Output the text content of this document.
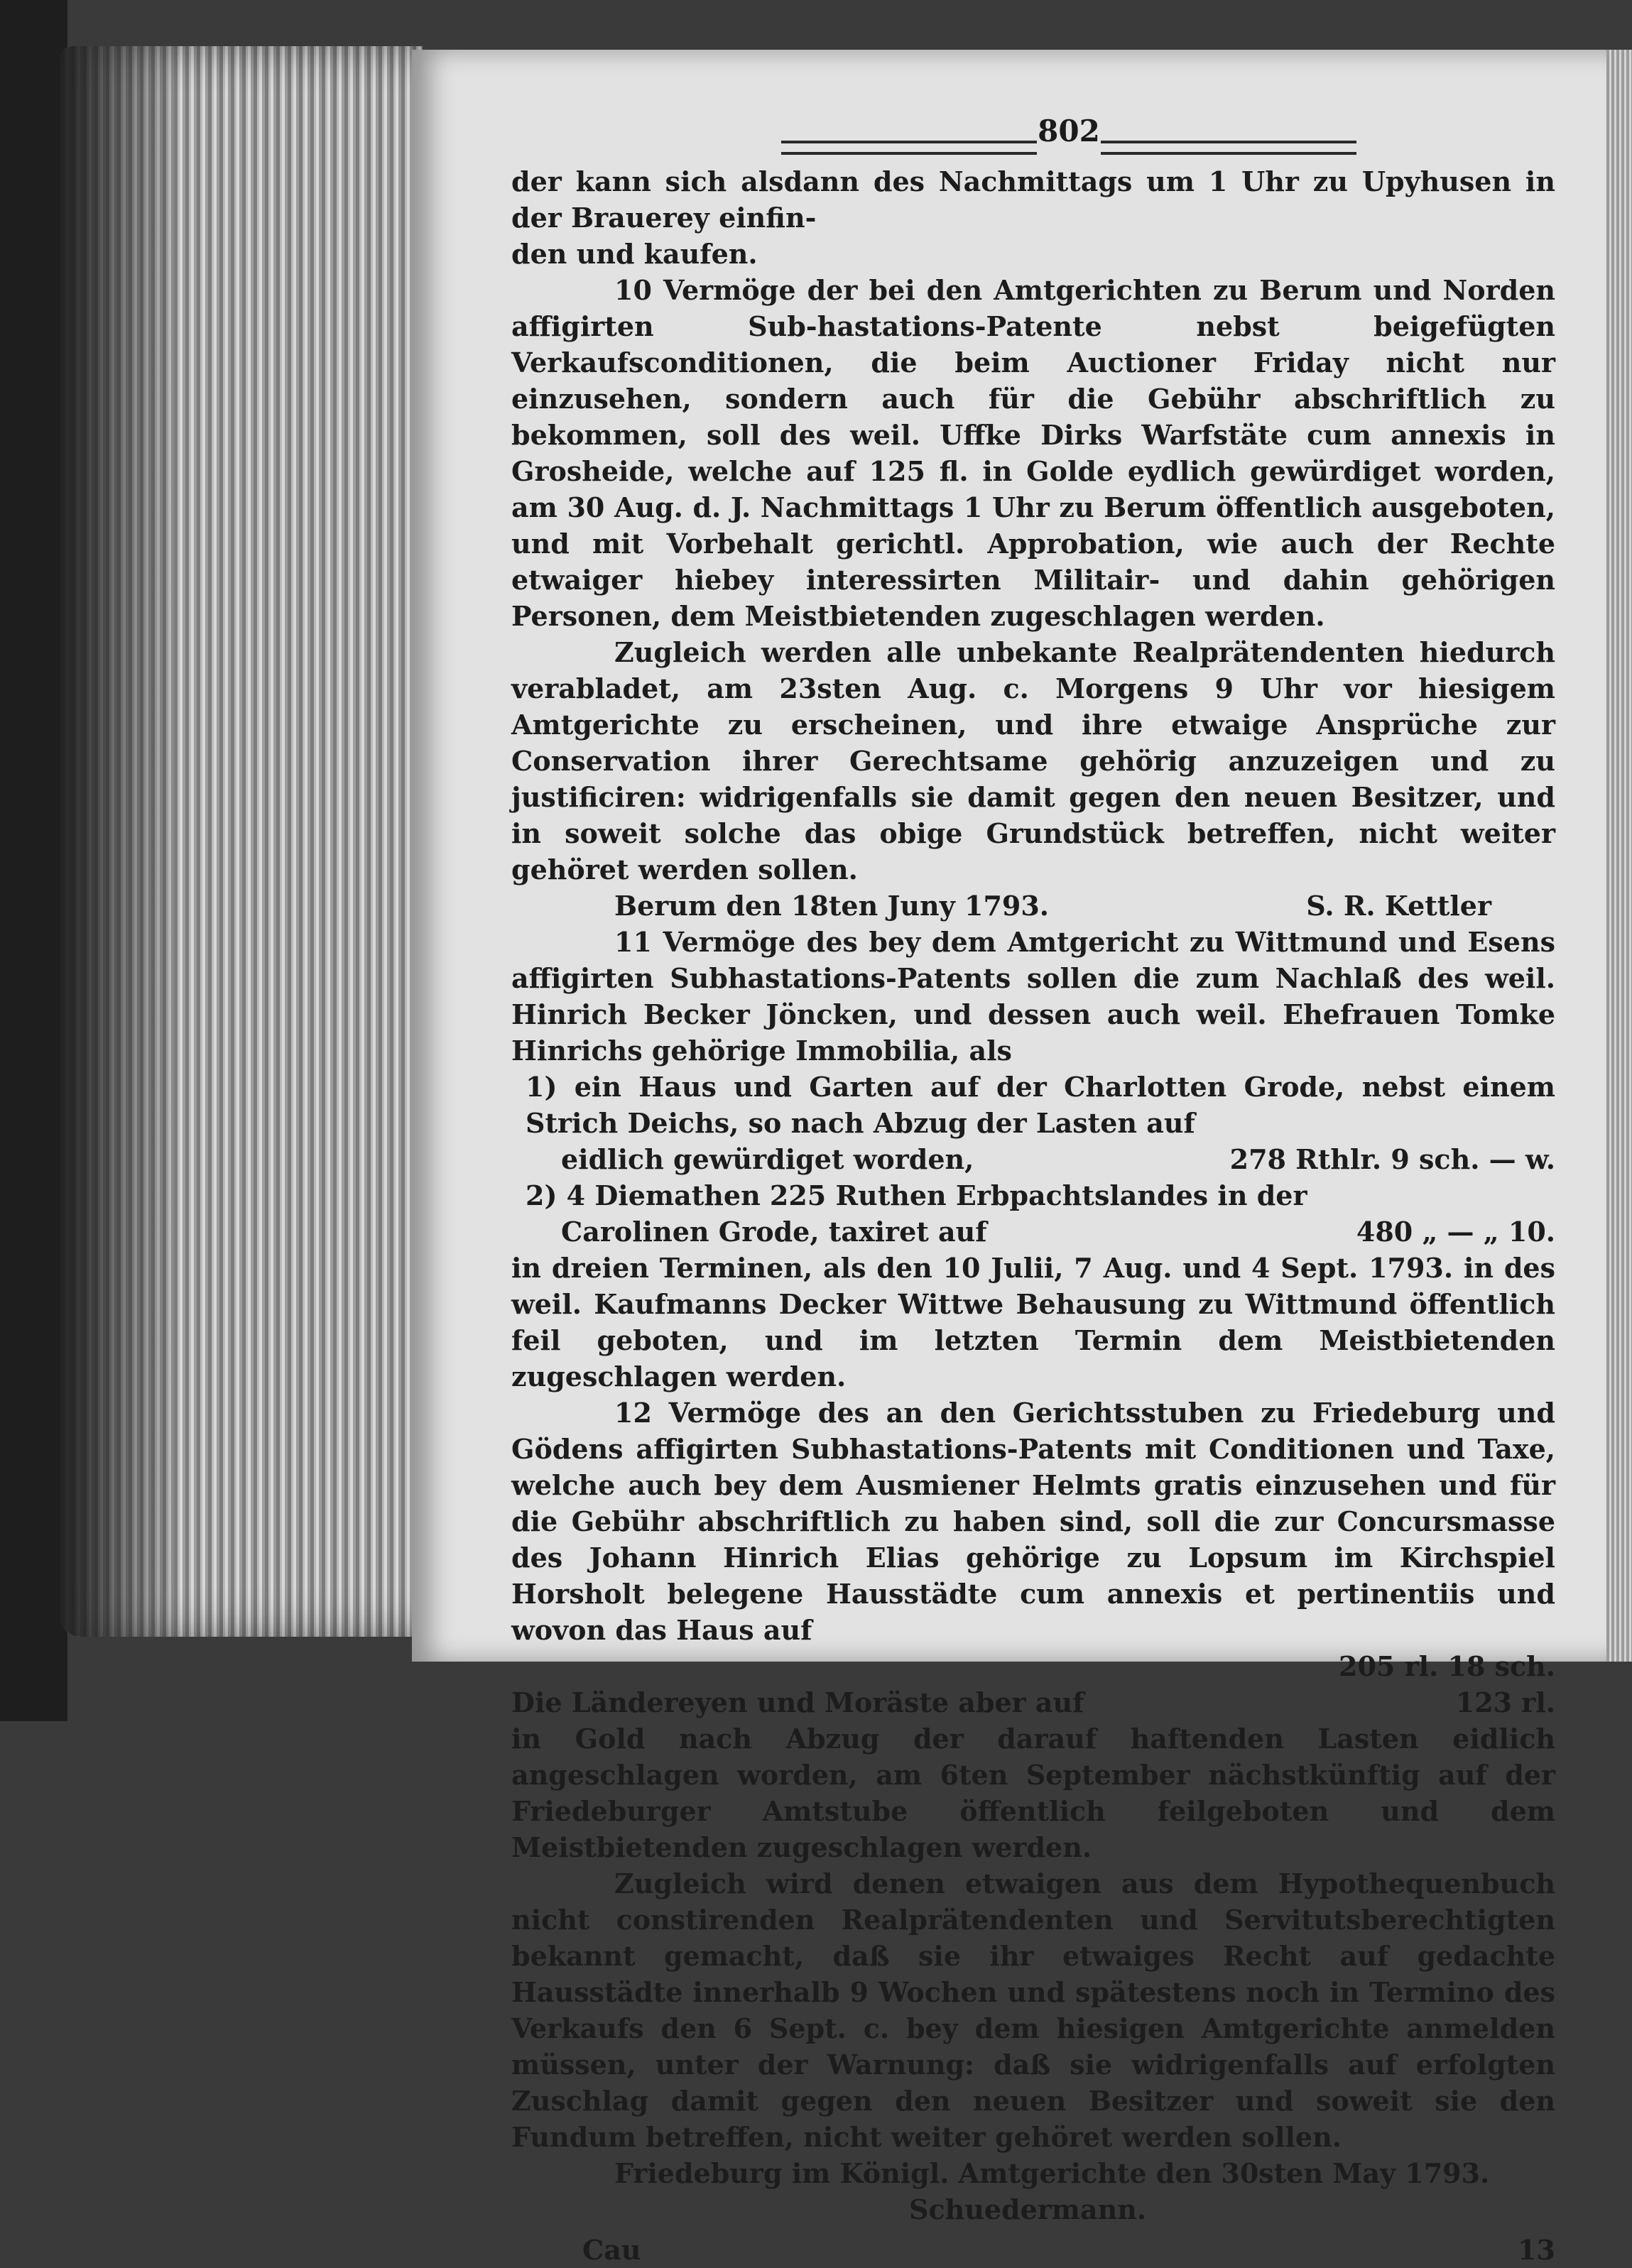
802

der kann sich alsdann des Nachmittags um 1 Uhr zu Upyhusen in der Brauerey einfin-

den und kaufen.

10 Vermöge der bei den Amtgerichten zu Berum und Norden affigirten Sub-hastations-Patente nebst beigefügten Verkaufsconditionen, die beim Auctioner Friday nicht nur einzusehen, sondern auch für die Gebühr abschriftlich zu bekommen, soll des weil. Uffke Dirks Warfstäte cum annexis in Grosheide, welche auf 125 fl. in Golde eydlich gewürdiget worden, am 30 Aug. d. J. Nachmittags 1 Uhr zu Berum öffentlich ausgeboten, und mit Vorbehalt gerichtl. Approbation, wie auch der Rechte etwaiger hiebey interessirten Militair- und dahin gehörigen Personen, dem Meistbietenden zugeschlagen werden.

Zugleich werden alle unbekante Realprätendenten hiedurch verabladet, am 23sten Aug. c. Morgens 9 Uhr vor hiesigem Amtgerichte zu erscheinen, und ihre etwaige Ansprüche zur Conservation ihrer Gerechtsame gehörig anzuzeigen und zu justificiren: widrigenfalls sie damit gegen den neuen Besitzer, und in soweit solche das obige Grundstück betreffen, nicht weiter gehöret werden sollen.

Berum den 18ten Juny 1793.	S. R. Kettler

11 Vermöge des bey dem Amtgericht zu Wittmund und Esens affigirten Subhastations-Patents sollen die zum Nachlaß des weil. Hinrich Becker Jöncken, und dessen auch weil. Ehefrauen Tomke Hinrichs gehörige Immobilia, als

1) ein Haus und Garten auf der Charlotten Grode, nebst einem Strich Deichs, so nach Abzug der Lasten auf

eidlich gewürdiget worden,	278 Rthlr. 9 sch. — w.

2) 4 Diemathen 225 Ruthen Erbpachtslandes in der

Carolinen Grode, taxiret auf	480 „ — „ 10.

in dreien Terminen, als den 10 Julii, 7 Aug. und 4 Sept. 1793. in des weil. Kaufmanns Decker Wittwe Behausung zu Wittmund öffentlich feil geboten, und im letzten Termin dem Meistbietenden zugeschlagen werden.

12 Vermöge des an den Gerichtsstuben zu Friedeburg und Gödens affigirten Subhastations-Patents mit Conditionen und Taxe, welche auch bey dem Ausmiener Helmts gratis einzusehen und für die Gebühr abschriftlich zu haben sind, soll die zur Concursmasse des Johann Hinrich Elias gehörige zu Lopsum im Kirchspiel Horsholt belegene Hausstädte cum annexis et pertinentiis und wovon das Haus auf

205 rl. 18 sch.
Die Ländereyen und Moräste aber auf	123 rl.

in Gold nach Abzug der darauf haftenden Lasten eidlich angeschlagen worden, am 6ten September nächstkünftig auf der Friedeburger Amtstube öffentlich feilgeboten und dem Meistbietenden zugeschlagen werden.

Zugleich wird denen etwaigen aus dem Hypothequenbuch nicht constirenden Realprätendenten und Servitutsberechtigten bekannt gemacht, daß sie ihr etwaiges Recht auf gedachte Hausstädte innerhalb 9 Wochen und spätestens noch in Termino des Verkaufs den 6 Sept. c. bey dem hiesigen Amtgerichte anmelden müssen, unter der Warnung: daß sie widrigenfalls auf erfolgten Zuschlag damit gegen den neuen Besitzer und soweit sie den Fundum betreffen, nicht weiter gehöret werden sollen.

Friedeburg im Königl. Amtgerichte den 30sten May 1793.

Schuedermann.

Cau	13
